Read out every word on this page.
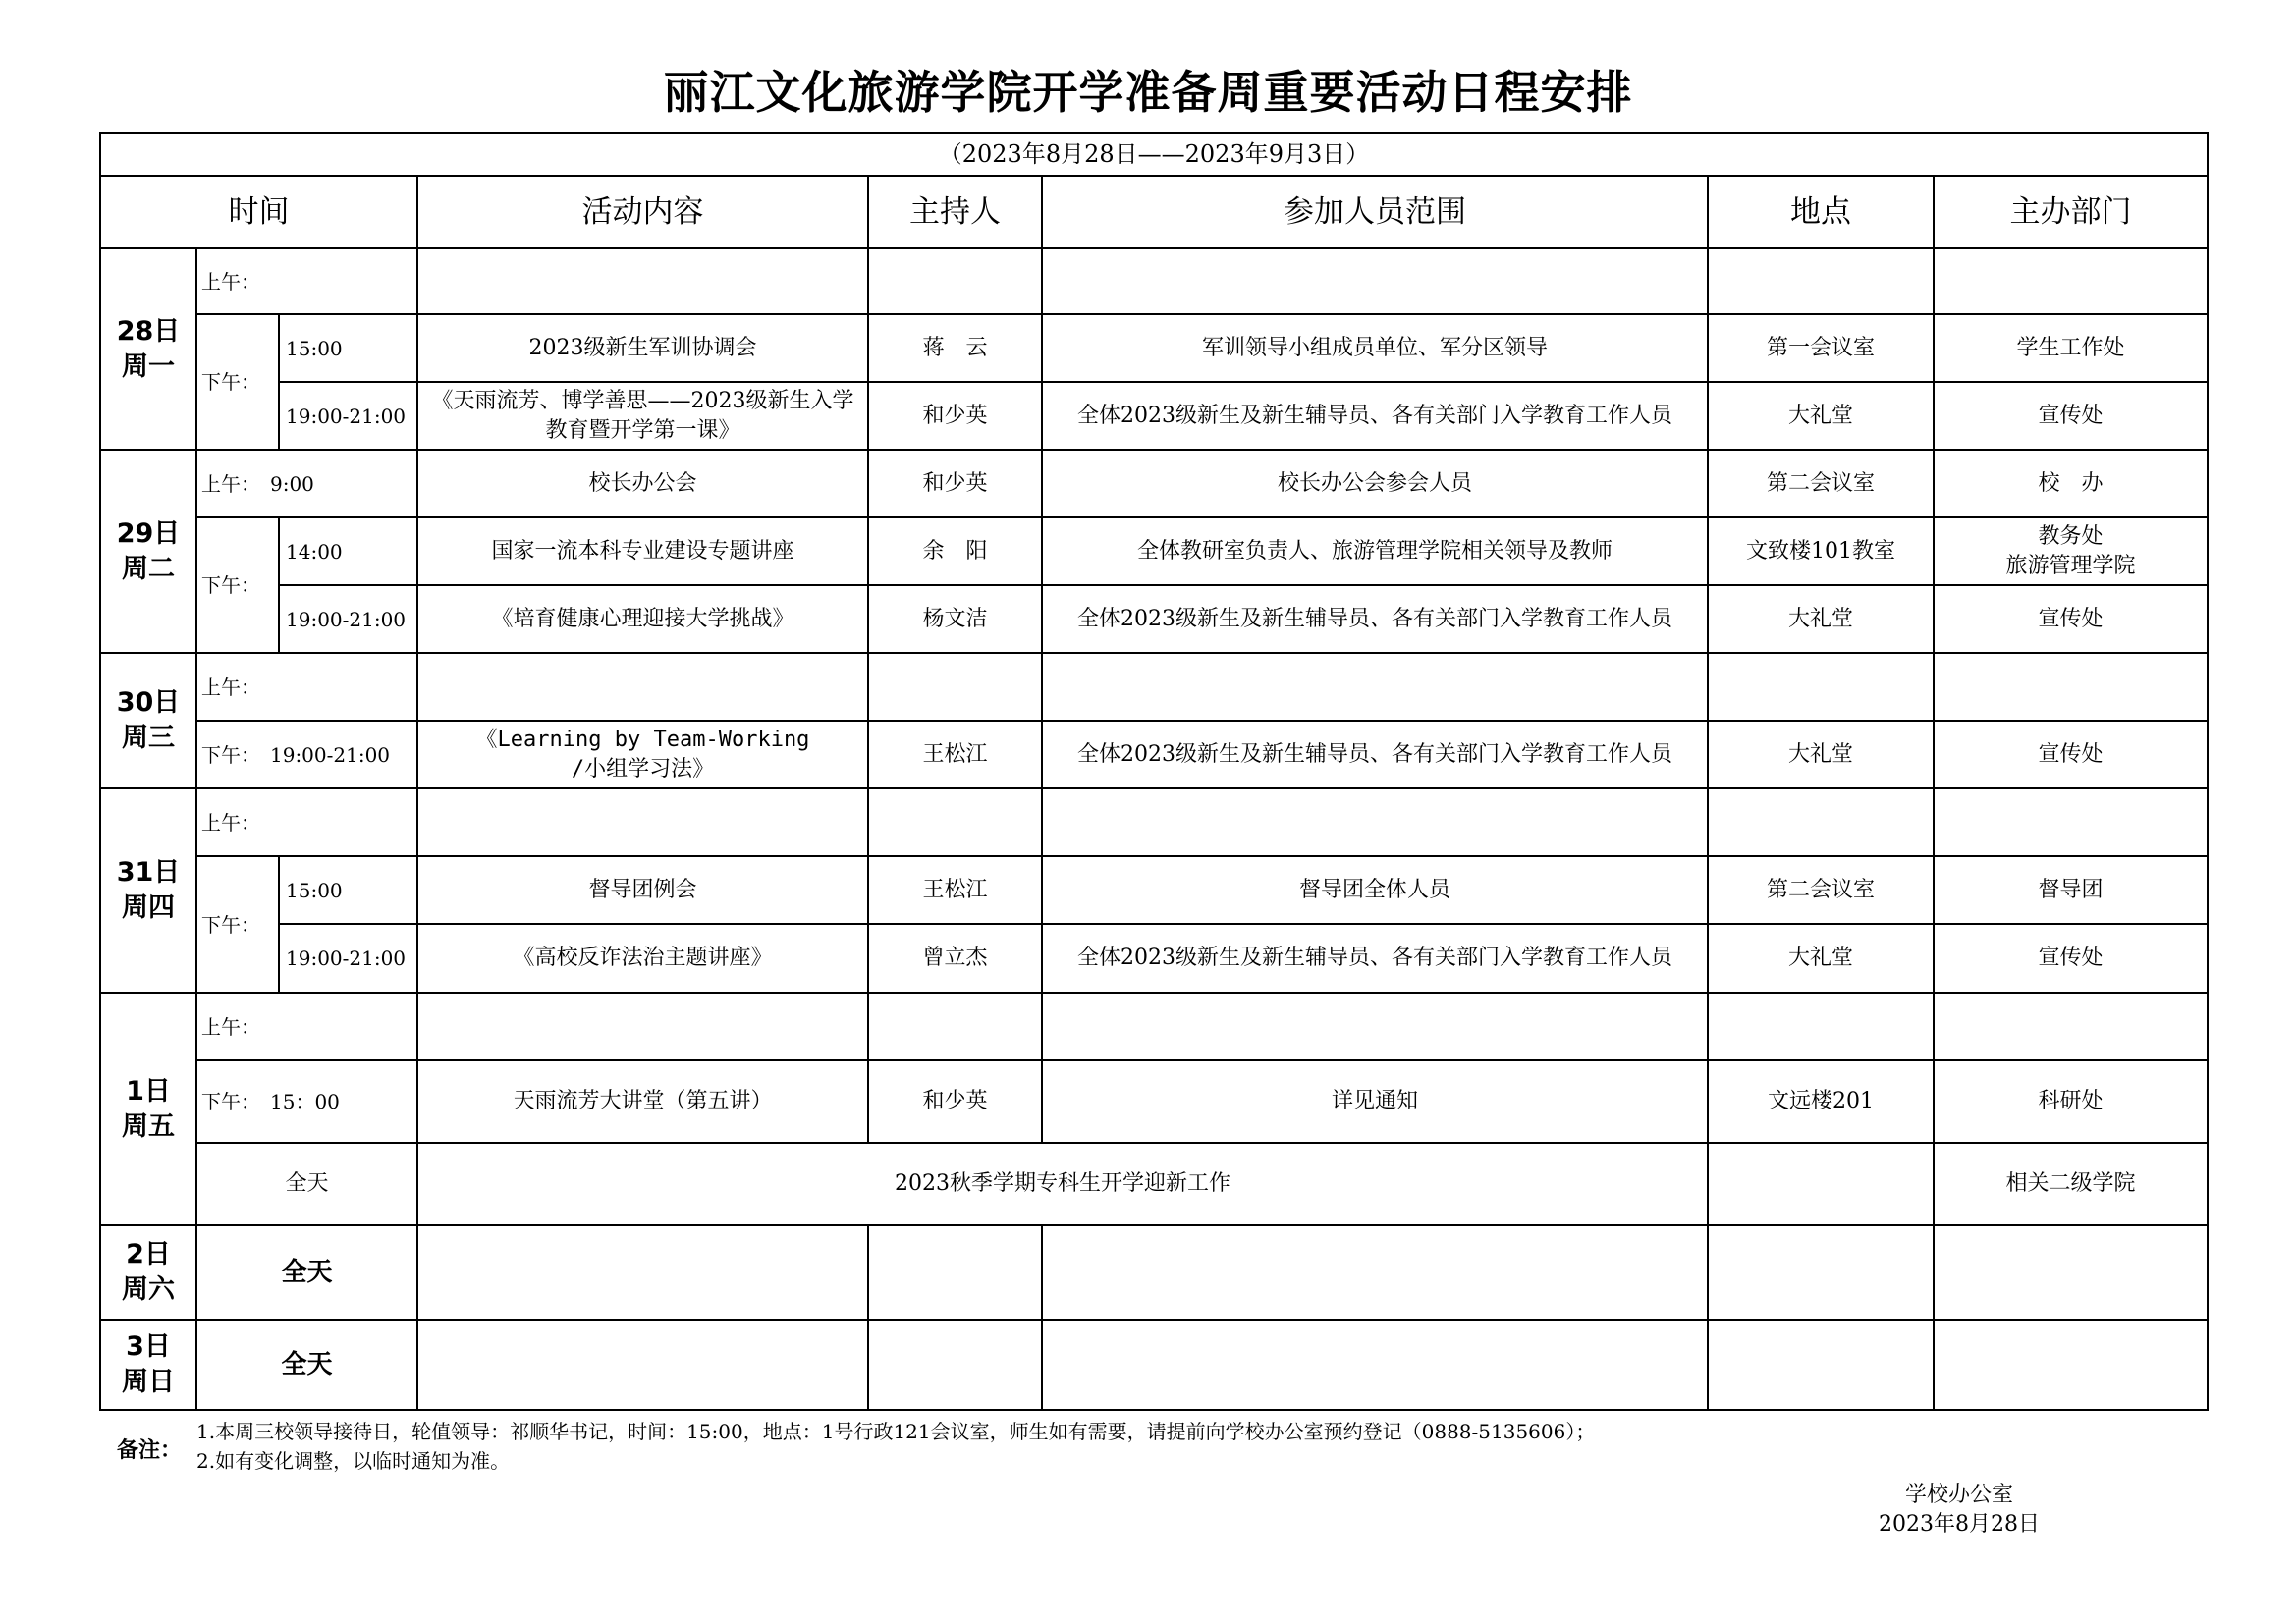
丽江文化旅游学院开学准备周重要活动日程安排
（2023年8月28日——2023年9月3日）							
时间			活动内容	主持人	参加人员范围	地点	主办部门
28日
周一	上午：						
	下午：	15:00	2023级新生军训协调会	蒋　云	军训领导小组成员单位、军分区领导	第一会议室	学生工作处
		19:00-21:00	《天雨流芳、博学善思——2023级新生入学教育暨开学第一课》	和少英	全体2023级新生及新生辅导员、各有关部门入学教育工作人员	大礼堂	宣传处
29日
周二	上午：　9:00		校长办公会	和少英	校长办公会参会人员	第二会议室	校　办
	下午：	14:00	国家一流本科专业建设专题讲座	余　阳	全体教研室负责人、旅游管理学院相关领导及教师	文致楼101教室	教务处
旅游管理学院
		19:00-21:00	《培育健康心理迎接大学挑战》	杨文洁	全体2023级新生及新生辅导员、各有关部门入学教育工作人员	大礼堂	宣传处
30日
周三	上午：						
	下午：　19:00-21:00		《Learning by Team-Working
/小组学习法》	王松江	全体2023级新生及新生辅导员、各有关部门入学教育工作人员	大礼堂	宣传处
31日
周四	上午：						
	下午：	15:00	督导团例会	王松江	督导团全体人员	第二会议室	督导团
		19:00-21:00	《高校反诈法治主题讲座》	曾立杰	全体2023级新生及新生辅导员、各有关部门入学教育工作人员	大礼堂	宣传处
1日
周五	上午：						
	下午：　15：00		天雨流芳大讲堂（第五讲）	和少英	详见通知	文远楼201	科研处
	全天		2023秋季学期专科生开学迎新工作				相关二级学院
2日
周六	全天						
3日
周日	全天						
备注：
1.本周三校领导接待日，轮值领导：祁顺华书记，时间：15:00，地点：1号行政121会议室，师生如有需要，请提前向学校办公室预约登记（0888-5135606）；
2.如有变化调整，以临时通知为准。
学校办公室
2023年8月28日
